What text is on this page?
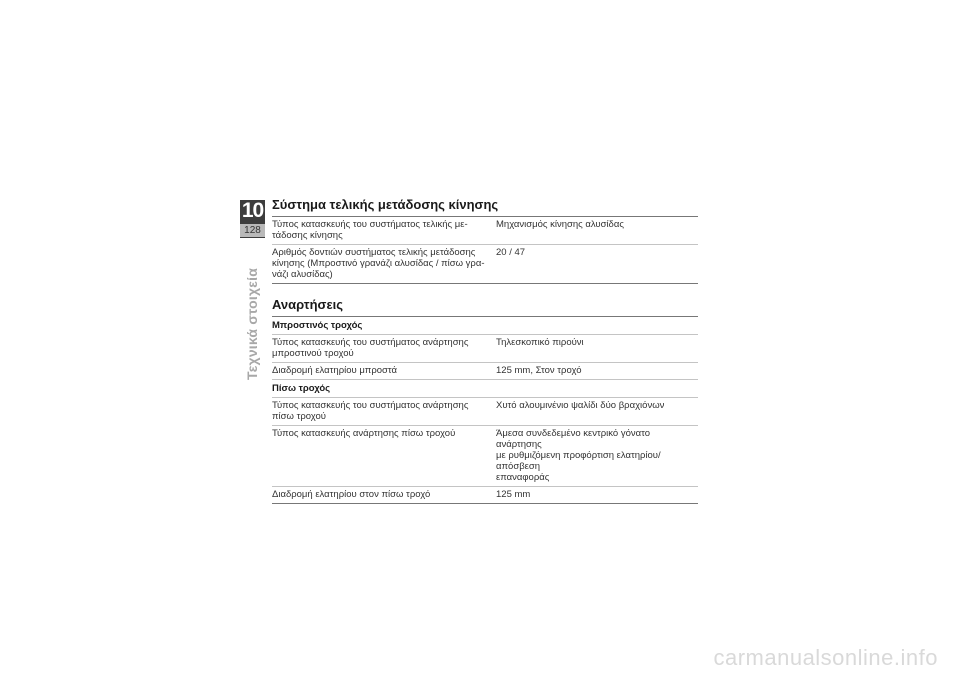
10
128
Τεχνικά στοιχεία
Σύστημα τελικής μετάδοσης κίνησης
Τύπος κατασκευής του συστήματος τελικής με-
τάδοσης κίνησης	Μηχανισμός κίνησης αλυσίδας
Αριθμός δοντιών συστήματος τελικής μετάδοσης
κίνησης (Μπροστινό γρανάζι αλυσίδας / πίσω γρα-
νάζι αλυσίδας)	20 / 47
Αναρτήσεις
Μπροστινός τροχός	
Τύπος κατασκευής του συστήματος ανάρτησης
μπροστινού τροχού	Τηλεσκοπικό πιρούνι
Διαδρομή ελατηρίου μπροστά	125 mm, Στον τροχό
Πίσω τροχός	
Τύπος κατασκευής του συστήματος ανάρτησης
πίσω τροχού	Χυτό αλουμινένιο ψαλίδι δύο βραχιόνων
Τύπος κατασκευής ανάρτησης πίσω τροχού	Άμεσα συνδεδεμένο κεντρικό γόνατο ανάρτησης
με ρυθμιζόμενη προφόρτιση ελατηρίου/απόσβεση
επαναφοράς
Διαδρομή ελατηρίου στον πίσω τροχό	125 mm
carmanualsonline.info
